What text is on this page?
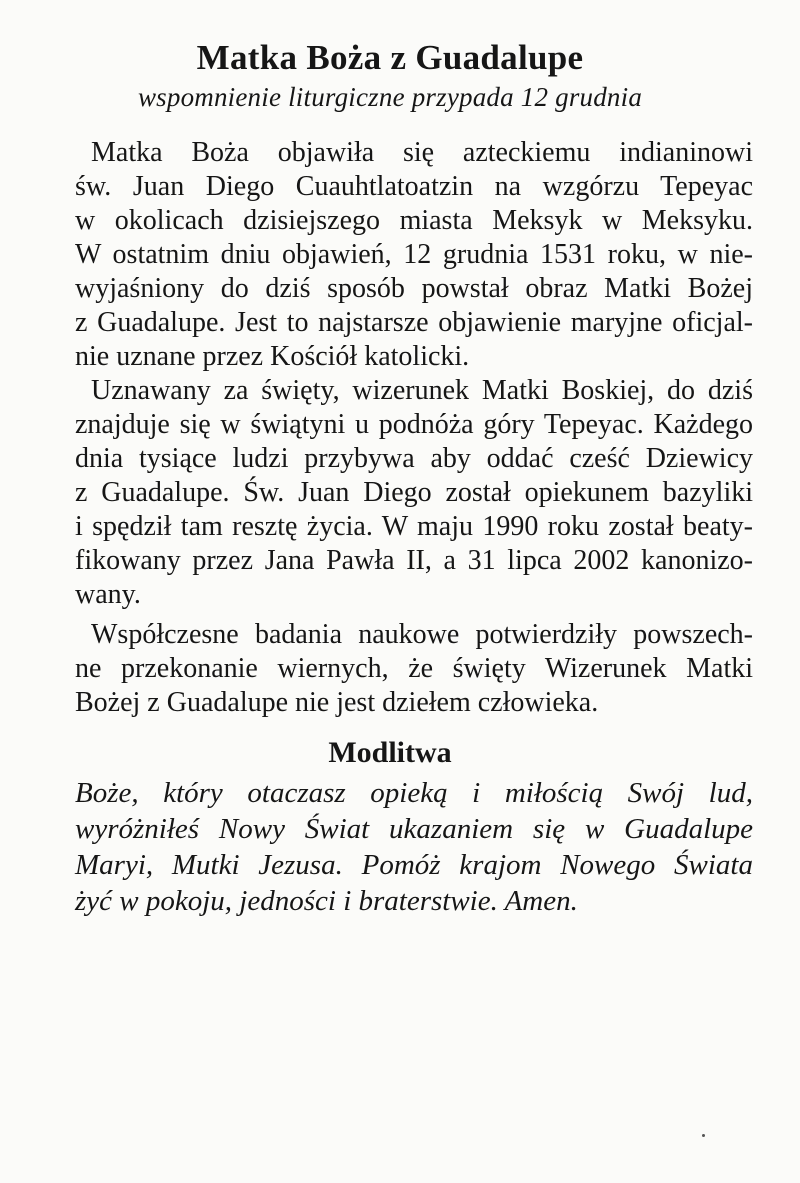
Matka Boża z Guadalupe
wspomnienie liturgiczne przypada 12 grudnia
Matka Boża objawiła się azteckiemu indianinowi
św. Juan Diego Cuauhtlatoatzin na wzgórzu Tepeyac
w okolicach dzisiejszego miasta Meksyk w Meksyku.
W ostatnim dniu objawień, 12 grudnia 1531 roku, w nie-
wyjaśniony do dziś sposób powstał obraz Matki Bożej
z Guadalupe. Jest to najstarsze objawienie maryjne oficjal-
nie uznane przez Kościół katolicki.
Uznawany za święty, wizerunek Matki Boskiej, do dziś
znajduje się w świątyni u podnóża góry Tepeyac. Każdego
dnia tysiące ludzi przybywa aby oddać cześć Dziewicy
z Guadalupe. Św. Juan Diego został opiekunem bazyliki
i spędził tam resztę życia. W maju 1990 roku został beaty-
fikowany przez Jana Pawła II, a 31 lipca 2002 kanonizo-
wany.
Współczesne badania naukowe potwierdziły powszech-
ne przekonanie wiernych, że święty Wizerunek Matki
Bożej z Guadalupe nie jest dziełem człowieka.
Modlitwa
Boże, który otaczasz opieką i miłością Swój lud,
wyróżniłeś Nowy Świat ukazaniem się w Guadalupe
Maryi, Mutki Jezusa. Pomóż krajom Nowego Świata
żyć w pokoju, jedności i braterstwie. Amen.
